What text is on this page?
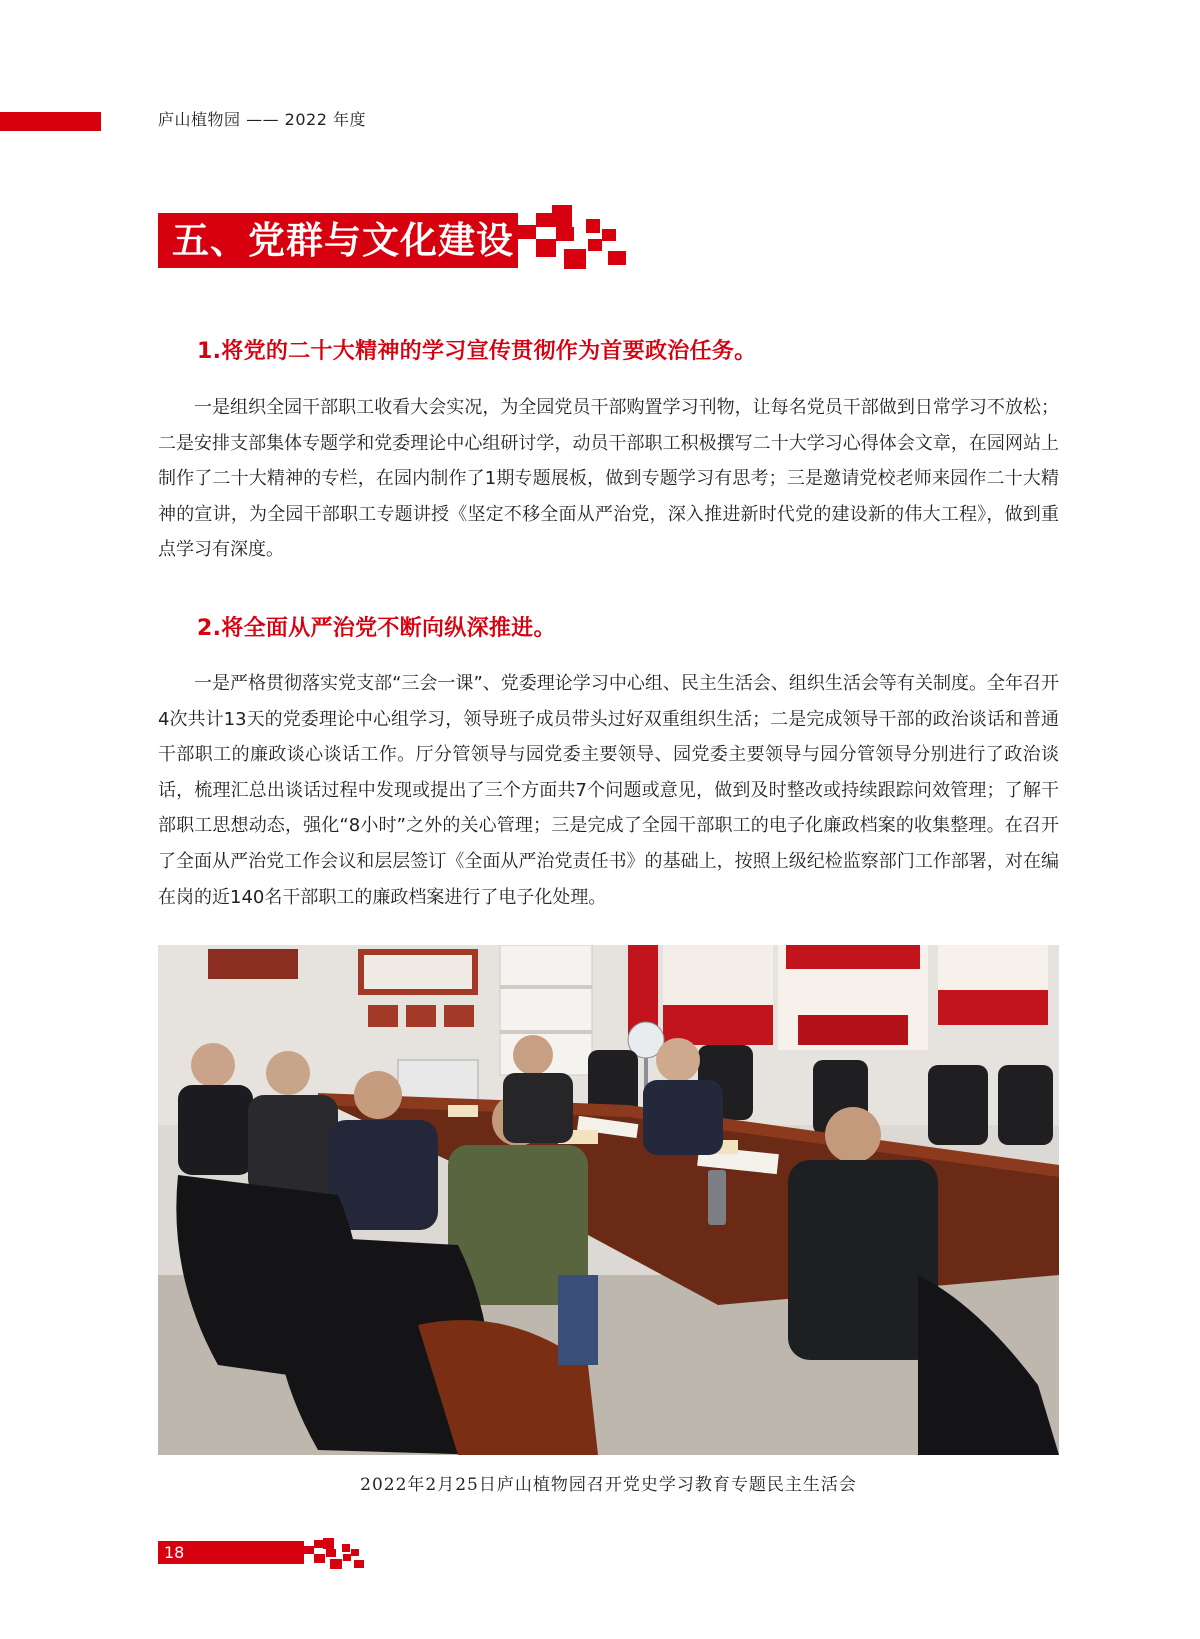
庐山植物园 —— 2022 年度
五、党群与文化建设
1.将党的二十大精神的学习宣传贯彻作为首要政治任务。

一是组织全园干部职工收看大会实况，为全园党员干部购置学习刊物，让每名党员干部做到日常学习不放松；二是安排支部集体专题学和党委理论中心组研讨学，动员干部职工积极撰写二十大学习心得体会文章，在园网站上制作了二十大精神的专栏，在园内制作了1期专题展板，做到专题学习有思考；三是邀请党校老师来园作二十大精神的宣讲，为全园干部职工专题讲授《坚定不移全面从严治党，深入推进新时代党的建设新的伟大工程》，做到重点学习有深度。

2.将全面从严治党不断向纵深推进。

一是严格贯彻落实党支部“三会一课”、党委理论学习中心组、民主生活会、组织生活会等有关制度。全年召开4次共计13天的党委理论中心组学习，领导班子成员带头过好双重组织生活；二是完成领导干部的政治谈话和普通干部职工的廉政谈心谈话工作。厅分管领导与园党委主要领导、园党委主要领导与园分管领导分别进行了政治谈话，梳理汇总出谈话过程中发现或提出了三个方面共7个问题或意见，做到及时整改或持续跟踪问效管理；了解干部职工思想动态，强化“8小时”之外的关心管理；三是完成了全园干部职工的电子化廉政档案的收集整理。在召开了全面从严治党工作会议和层层签订《全面从严治党责任书》的基础上，按照上级纪检监察部门工作部署，对在编在岗的近140名干部职工的廉政档案进行了电子化处理。

2022年2月25日庐山植物园召开党史学习教育专题民主生活会
18
